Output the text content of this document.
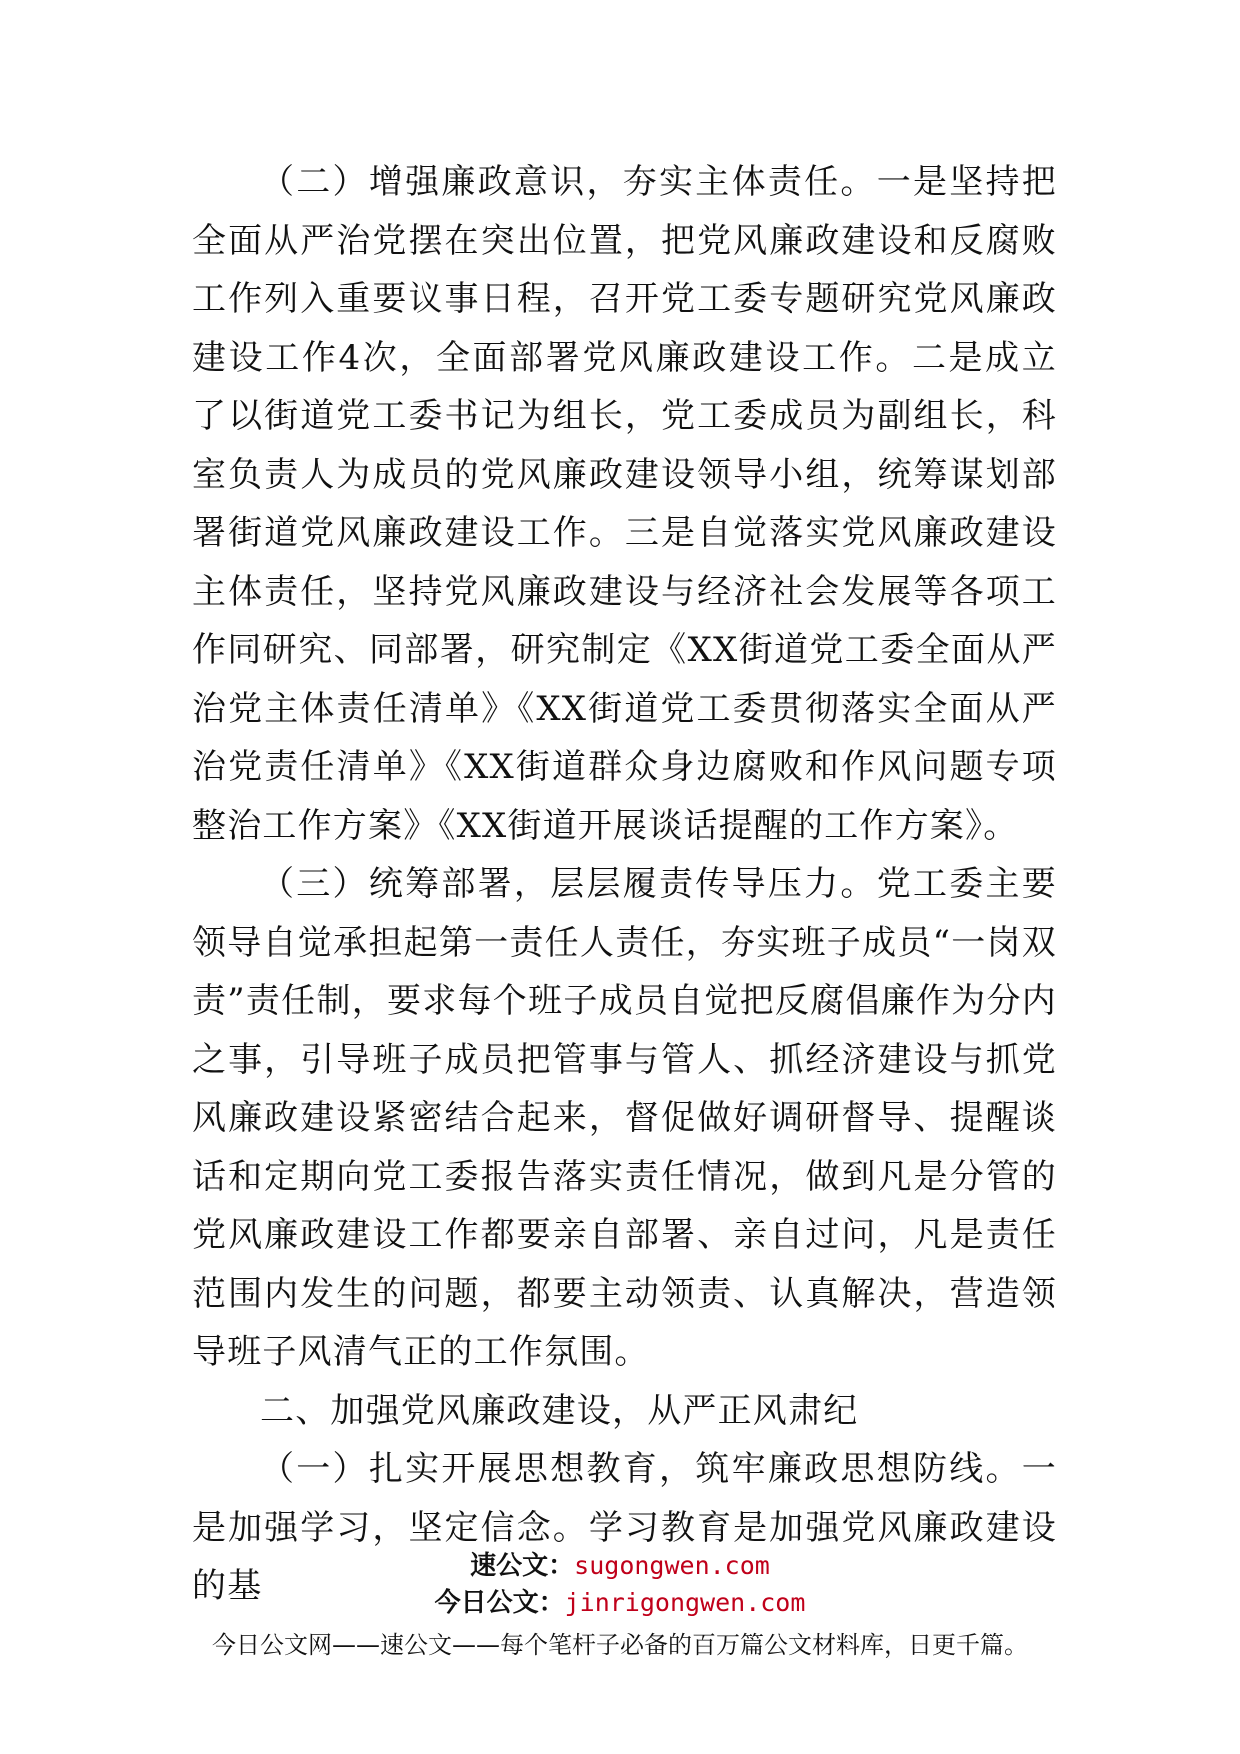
（二）增强廉政意识，夯实主体责任。一是坚持把全面从严治党摆在突出位置，把党风廉政建设和反腐败工作列入重要议事日程，召开党工委专题研究党风廉政建设工作4次，全面部署党风廉政建设工作。二是成立了以街道党工委书记为组长，党工委成员为副组长，科室负责人为成员的党风廉政建设领导小组，统筹谋划部署街道党风廉政建设工作。三是自觉落实党风廉政建设主体责任，坚持党风廉政建设与经济社会发展等各项工作同研究、同部署，研究制定《XX街道党工委全面从严治党主体责任清单》《XX街道党工委贯彻落实全面从严治党责任清单》《XX街道群众身边腐败和作风问题专项整治工作方案》《XX街道开展谈话提醒的工作方案》。

（三）统筹部署，层层履责传导压力。党工委主要领导自觉承担起第一责任人责任，夯实班子成员“一岗双责”责任制，要求每个班子成员自觉把反腐倡廉作为分内之事，引导班子成员把管事与管人、抓经济建设与抓党风廉政建设紧密结合起来，督促做好调研督导、提醒谈话和定期向党工委报告落实责任情况，做到凡是分管的党风廉政建设工作都要亲自部署、亲自过问，凡是责任范围内发生的问题，都要主动领责、认真解决，营造领导班子风清气正的工作氛围。

二、加强党风廉政建设，从严正风肃纪

（一）扎实开展思想教育，筑牢廉政思想防线。一是加强学习，坚定信念。学习教育是加强党风廉政建设的基	速公文：sugongwen.com
今日公文：jinrigongwen.com
今日公文网——速公文——每个笔杆子必备的百万篇公文材料库，日更千篇。
